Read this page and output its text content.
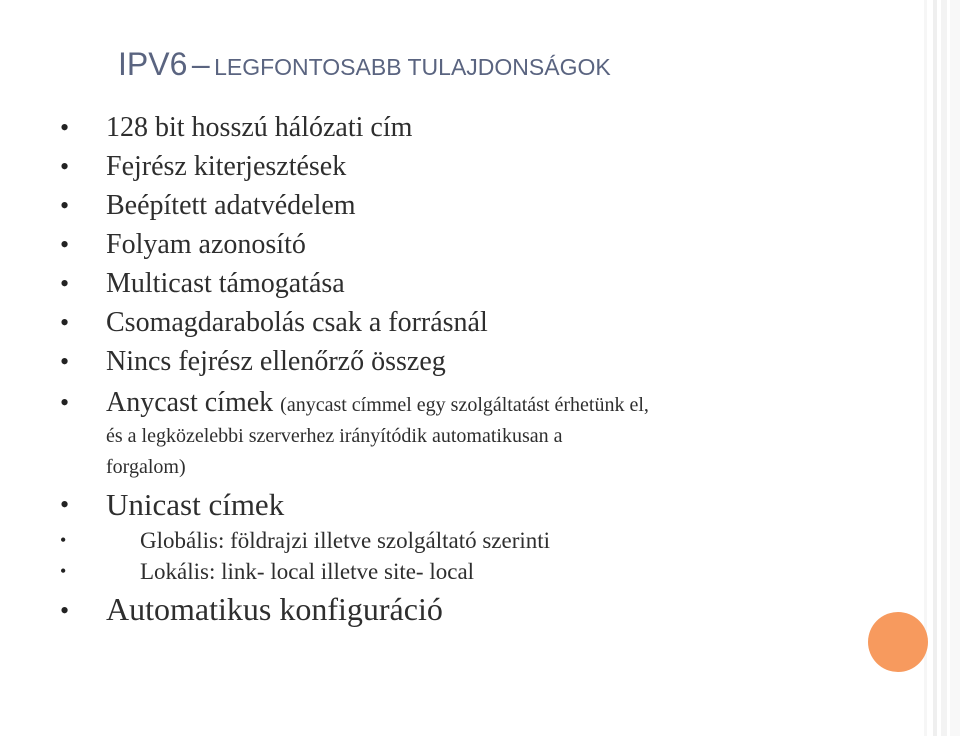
IPV6 – LEGFONTOSABB TULAJDONSÁGOK
• 128 bit hosszú hálózati cím
• Fejrész kiterjesztések
• Beépített adatvédelem
• Folyam azonosító
• Multicast támogatása
• Csomagdarabolás csak a forrásnál
• Nincs fejrész ellenőrző összeg
• Anycast címek (anycast címmel egy szolgáltatást érhetünk el,
és a legközelebbi szerverhez irányítódik automatikusan a
forgalom)
• Unicast címek
•	Globális: földrajzi illetve szolgáltató szerinti
•	Lokális: link- local illetve site- local
• Automatikus konfiguráció
